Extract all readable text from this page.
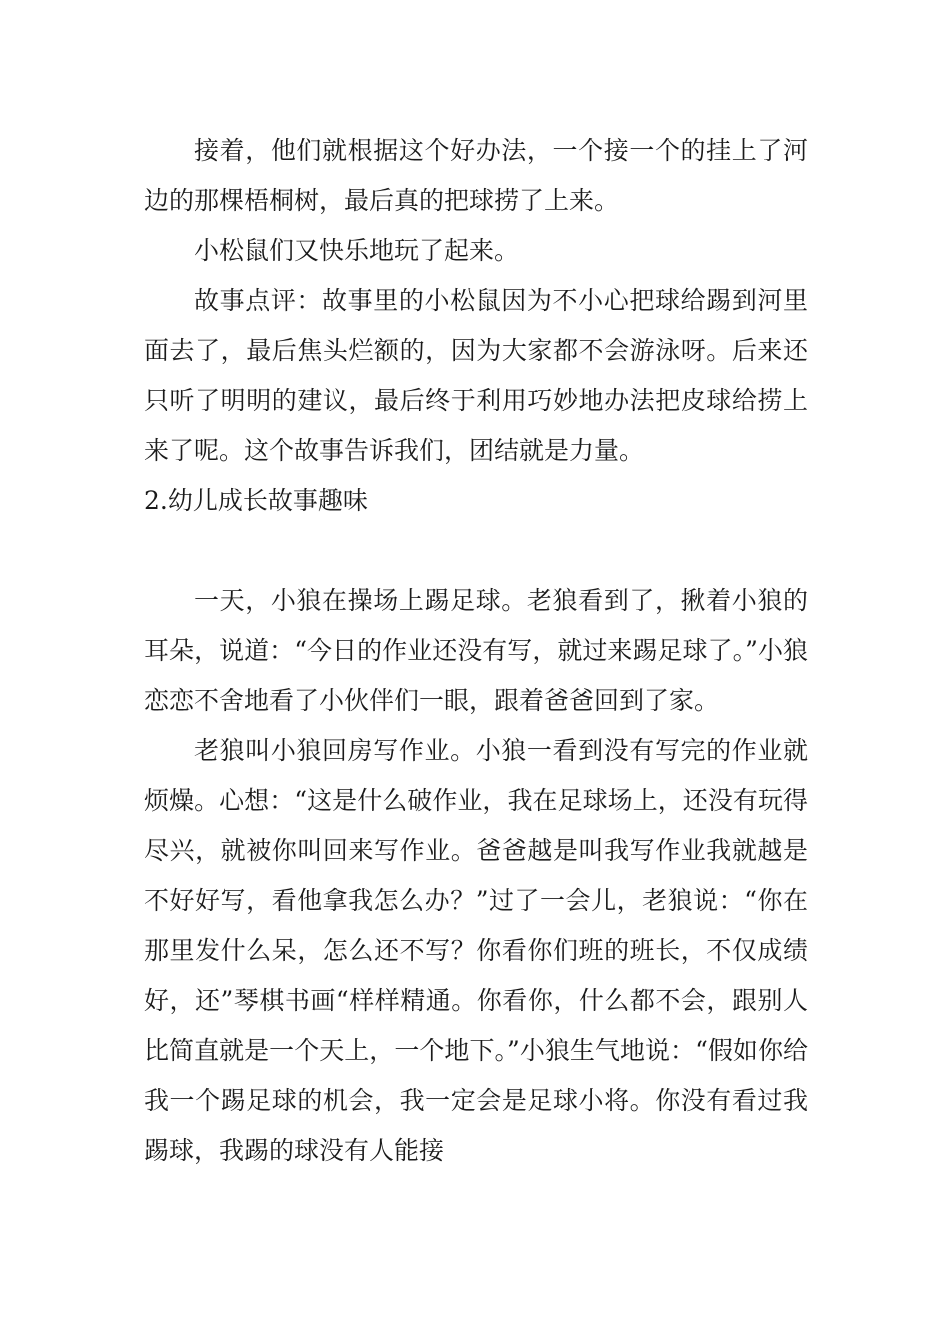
接着，他们就根据这个好办法，一个接一个的挂上了河边的那棵梧桐树，最后真的把球捞了上来。

小松鼠们又快乐地玩了起来。

故事点评：故事里的小松鼠因为不小心把球给踢到河里面去了，最后焦头烂额的，因为大家都不会游泳呀。后来还只听了明明的建议，最后终于利用巧妙地办法把皮球给捞上来了呢。这个故事告诉我们，团结就是力量。

2.幼儿成长故事趣味

一天，小狼在操场上踢足球。老狼看到了，揪着小狼的耳朵，说道：“今日的作业还没有写，就过来踢足球了。”小狼恋恋不舍地看了小伙伴们一眼，跟着爸爸回到了家。

老狼叫小狼回房写作业。小狼一看到没有写完的作业就烦燥。心想：“这是什么破作业，我在足球场上，还没有玩得尽兴，就被你叫回来写作业。爸爸越是叫我写作业我就越是不好好写，看他拿我怎么办？”过了一会儿，老狼说：“你在那里发什么呆，怎么还不写？你看你们班的班长，不仅成绩好，还”琴棋书画“样样精通。你看你，什么都不会，跟别人比简直就是一个天上，一个地下。”小狼生气地说：“假如你给我一个踢足球的机会，我一定会是足球小将。你没有看过我踢球，我踢的球没有人能接
